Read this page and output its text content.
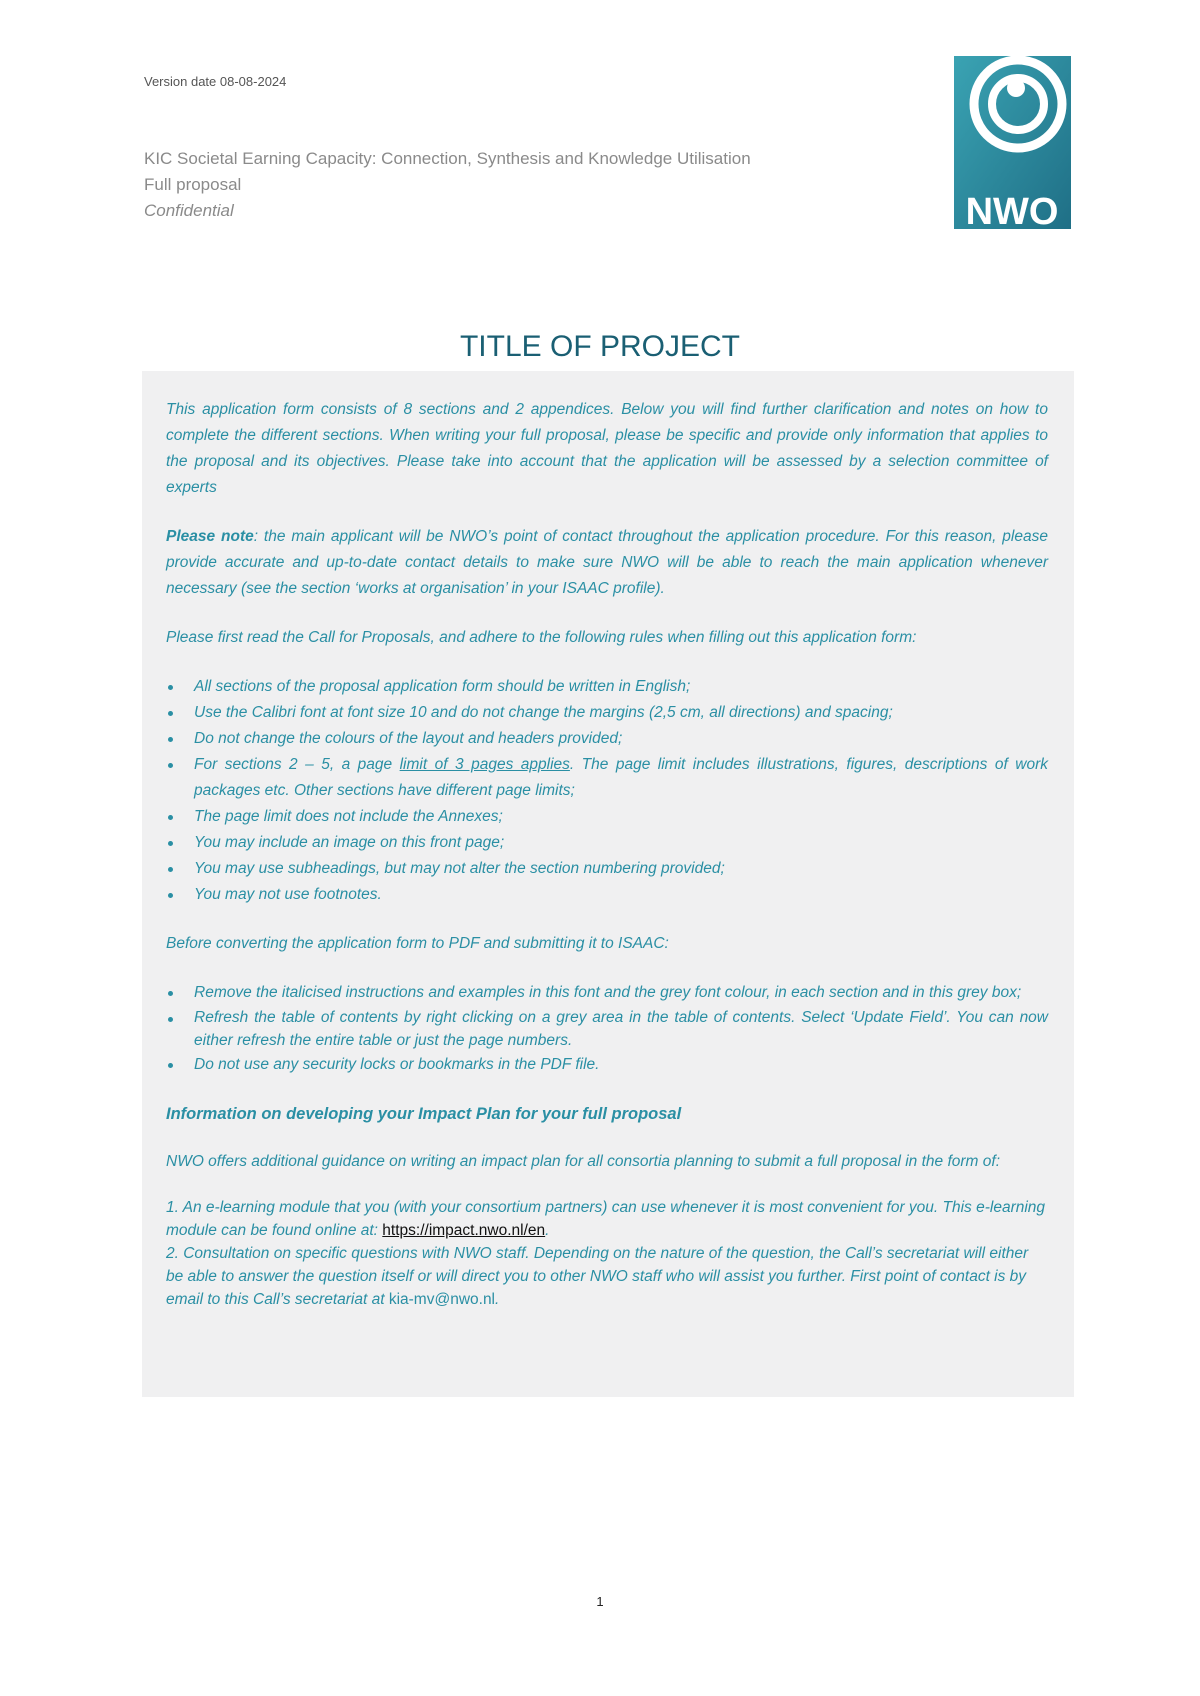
Version date 08-08-2024
KIC Societal Earning Capacity: Connection, Synthesis and Knowledge Utilisation
Full proposal
Confidential	NWO
TITLE OF PROJECT

This application form consists of 8 sections and 2 appendices. Below you will find further clarification and notes on how to complete the different sections. When writing your full proposal, please be specific and provide only information that applies to the proposal and its objectives. Please take into account that the application will be assessed by a selection committee of experts

Please note: the main applicant will be NWO’s point of contact throughout the application procedure. For this reason, please provide accurate and up-to-date contact details to make sure NWO will be able to reach the main application whenever necessary (see the section ‘works at organisation’ in your ISAAC profile).

Please first read the Call for Proposals, and adhere to the following rules when filling out this application form:

All sections of the proposal application form should be written in English;
Use the Calibri font at font size 10 and do not change the margins (2,5 cm, all directions) and spacing;
Do not change the colours of the layout and headers provided;
For sections 2 – 5, a page limit of 3 pages applies. The page limit includes illustrations, figures, descriptions of work packages etc. Other sections have different page limits;
The page limit does not include the Annexes;
You may include an image on this front page;
You may use subheadings, but may not alter the section numbering provided;
You may not use footnotes.

Before converting the application form to PDF and submitting it to ISAAC:

Remove the italicised instructions and examples in this font and the grey font colour, in each section and in this grey box;
Refresh the table of contents by right clicking on a grey area in the table of contents. Select ‘Update Field’. You can now either refresh the entire table or just the page numbers.
Do not use any security locks or bookmarks in the PDF file.

Information on developing your Impact Plan for your full proposal

NWO offers additional guidance on writing an impact plan for all consortia planning to submit a full proposal in the form of:

1. An e-learning module that you (with your consortium partners) can use whenever it is most convenient for you. This e-learning module can be found online at: https://impact.nwo.nl/en.

2. Consultation on specific questions with NWO staff. Depending on the nature of the question, the Call’s secretariat will either be able to answer the question itself or will direct you to other NWO staff who will assist you further. First point of contact is by email to this Call’s secretariat at kia-mv@nwo.nl.

1
